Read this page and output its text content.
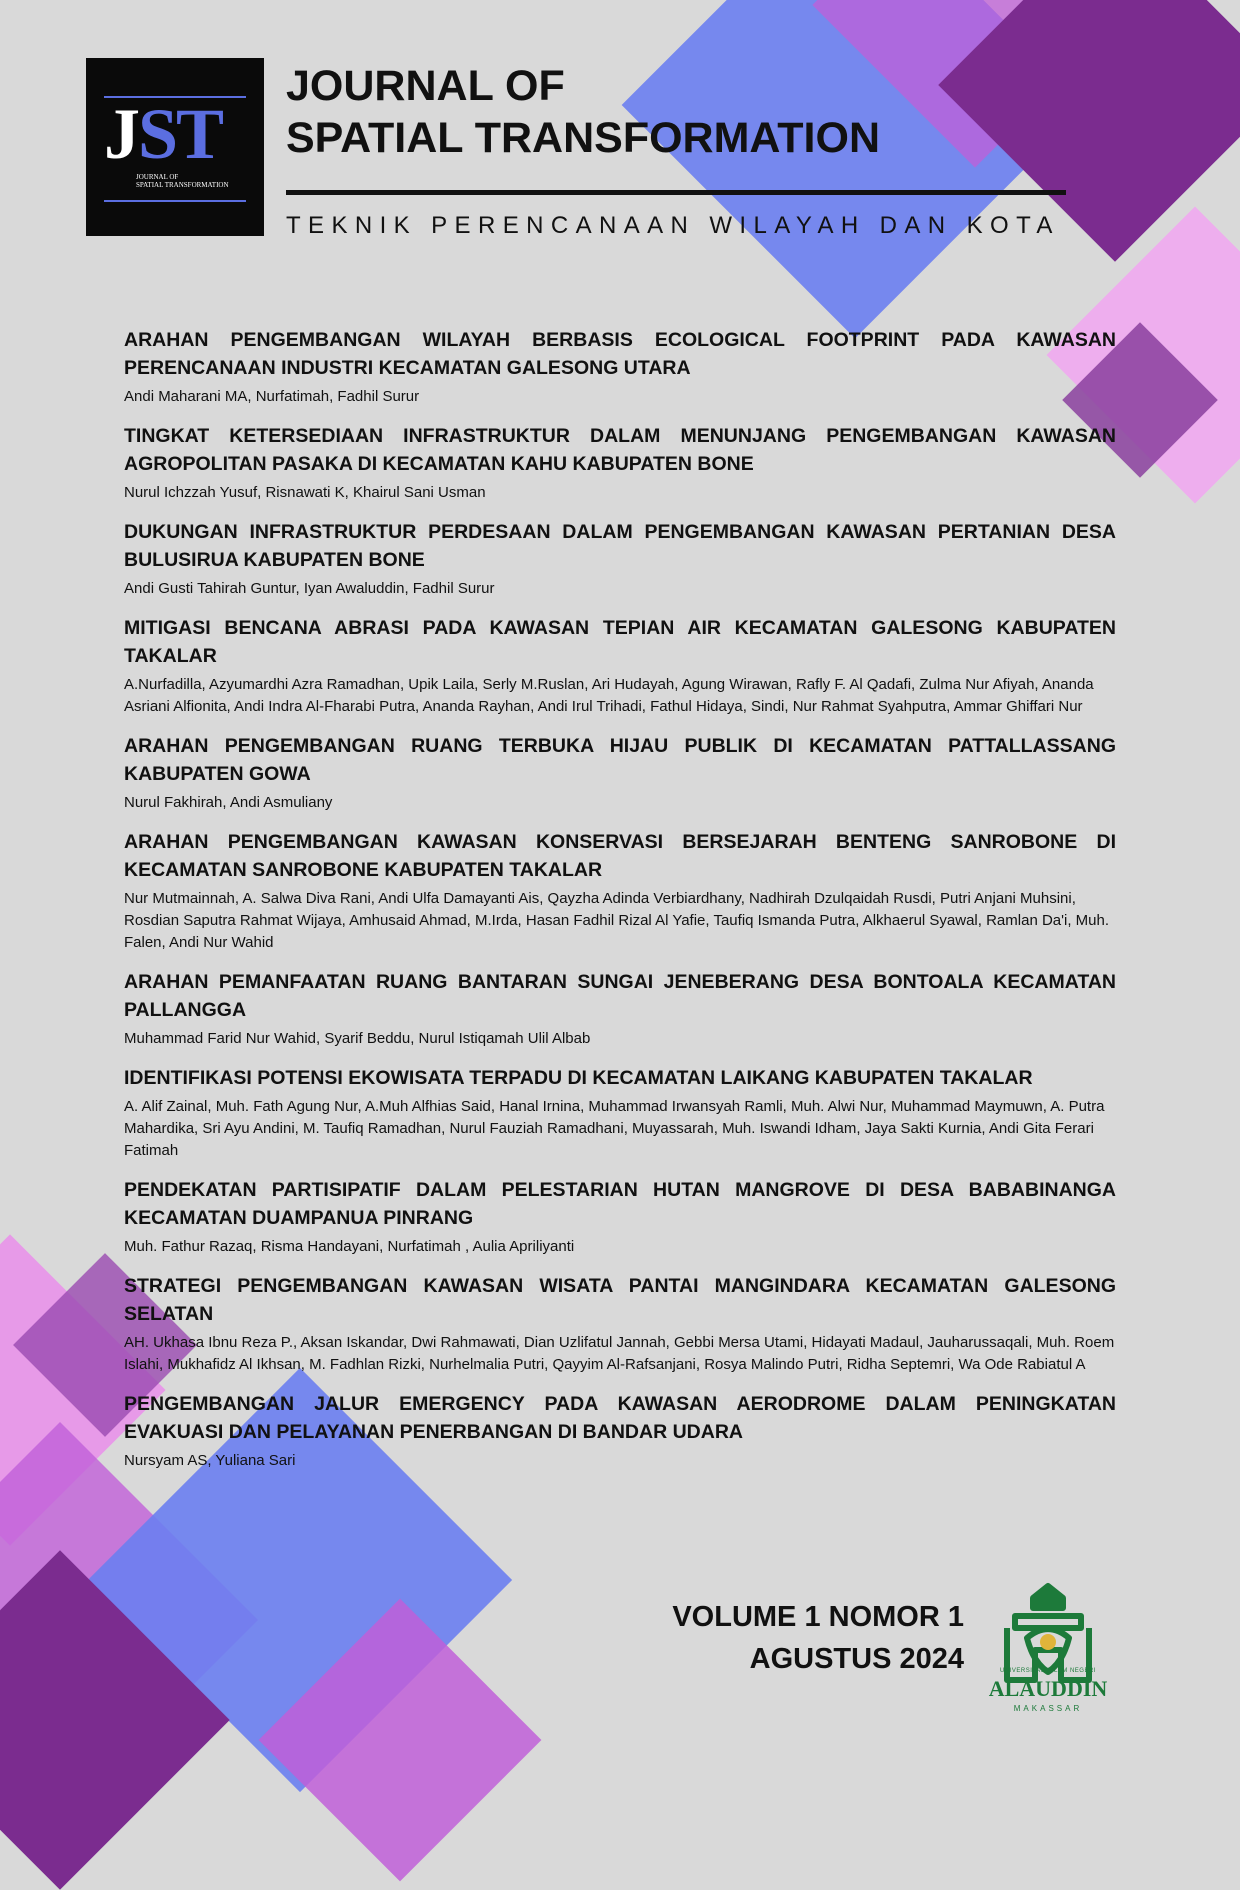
JST
JOURNAL OF
SPATIAL TRANSFORMATION
JOURNAL OF
SPATIAL TRANSFORMATION
TEKNIK PERENCANAAN WILAYAH DAN KOTA
ARAHAN PENGEMBANGAN WILAYAH BERBASIS ECOLOGICAL FOOTPRINT PADA KAWASAN PERENCANAAN INDUSTRI KECAMATAN GALESONG UTARA
Andi Maharani MA, Nurfatimah, Fadhil Surur
TINGKAT KETERSEDIAAN INFRASTRUKTUR DALAM MENUNJANG PENGEMBANGAN KAWASAN AGROPOLITAN PASAKA DI KECAMATAN KAHU KABUPATEN BONE
Nurul Ichzzah Yusuf, Risnawati K, Khairul Sani Usman
DUKUNGAN INFRASTRUKTUR PERDESAAN DALAM PENGEMBANGAN KAWASAN PERTANIAN DESA BULUSIRUA KABUPATEN BONE
Andi Gusti Tahirah Guntur, Iyan Awaluddin, Fadhil Surur
MITIGASI BENCANA ABRASI PADA KAWASAN TEPIAN AIR KECAMATAN GALESONG KABUPATEN TAKALAR
A.Nurfadilla, Azyumardhi Azra Ramadhan, Upik Laila, Serly M.Ruslan, Ari Hudayah, Agung Wirawan, Rafly F. Al Qadafi, Zulma Nur Afiyah, Ananda Asriani Alfionita, Andi Indra Al-Fharabi Putra, Ananda Rayhan, Andi Irul Trihadi, Fathul Hidaya, Sindi, Nur Rahmat Syahputra, Ammar Ghiffari Nur
ARAHAN PENGEMBANGAN RUANG TERBUKA HIJAU PUBLIK DI KECAMATAN PATTALLASSANG KABUPATEN GOWA
Nurul Fakhirah, Andi Asmuliany
ARAHAN PENGEMBANGAN KAWASAN KONSERVASI BERSEJARAH BENTENG SANROBONE DI KECAMATAN SANROBONE KABUPATEN TAKALAR
Nur Mutmainnah, A. Salwa Diva Rani, Andi Ulfa Damayanti Ais, Qayzha Adinda Verbiardhany, Nadhirah Dzulqaidah Rusdi, Putri Anjani Muhsini, Rosdian Saputra Rahmat Wijaya, Amhusaid Ahmad, M.Irda, Hasan Fadhil Rizal Al Yafie, Taufiq Ismanda Putra, Alkhaerul Syawal, Ramlan Da'i, Muh. Falen, Andi Nur Wahid
ARAHAN PEMANFAATAN RUANG BANTARAN SUNGAI JENEBERANG DESA BONTOALA KECAMATAN PALLANGGA
Muhammad Farid Nur Wahid, Syarif Beddu, Nurul Istiqamah Ulil Albab
IDENTIFIKASI POTENSI EKOWISATA TERPADU DI KECAMATAN LAIKANG KABUPATEN TAKALAR
A. Alif Zainal, Muh. Fath Agung Nur, A.Muh Alfhias Said, Hanal Irnina, Muhammad Irwansyah Ramli, Muh. Alwi Nur, Muhammad Maymuwn, A. Putra Mahardika, Sri Ayu Andini, M. Taufiq Ramadhan, Nurul Fauziah Ramadhani, Muyassarah, Muh. Iswandi Idham, Jaya Sakti Kurnia, Andi Gita Ferari Fatimah
PENDEKATAN PARTISIPATIF DALAM PELESTARIAN HUTAN MANGROVE DI DESA BABABINANGA KECAMATAN DUAMPANUA PINRANG
Muh. Fathur Razaq, Risma Handayani, Nurfatimah , Aulia Apriliyanti
STRATEGI PENGEMBANGAN KAWASAN WISATA PANTAI MANGINDARA KECAMATAN GALESONG SELATAN
AH. Ukhasa Ibnu Reza P., Aksan Iskandar, Dwi Rahmawati, Dian Uzlifatul Jannah, Gebbi Mersa Utami, Hidayati Madaul, Jauharussaqali, Muh. Roem Islahi, Mukhafidz Al Ikhsan, M. Fadhlan Rizki, Nurhelmalia Putri, Qayyim Al-Rafsanjani, Rosya Malindo Putri, Ridha Septemri, Wa Ode Rabiatul A
PENGEMBANGAN JALUR EMERGENCY PADA KAWASAN AERODROME DALAM PENINGKATAN EVAKUASI DAN PELAYANAN PENERBANGAN DI BANDAR UDARA
Nursyam AS, Yuliana Sari
VOLUME 1 NOMOR 1
AGUSTUS 2024	UNIVERSITAS ISLAM NEGERI
ALAUDDIN
MAKASSAR
